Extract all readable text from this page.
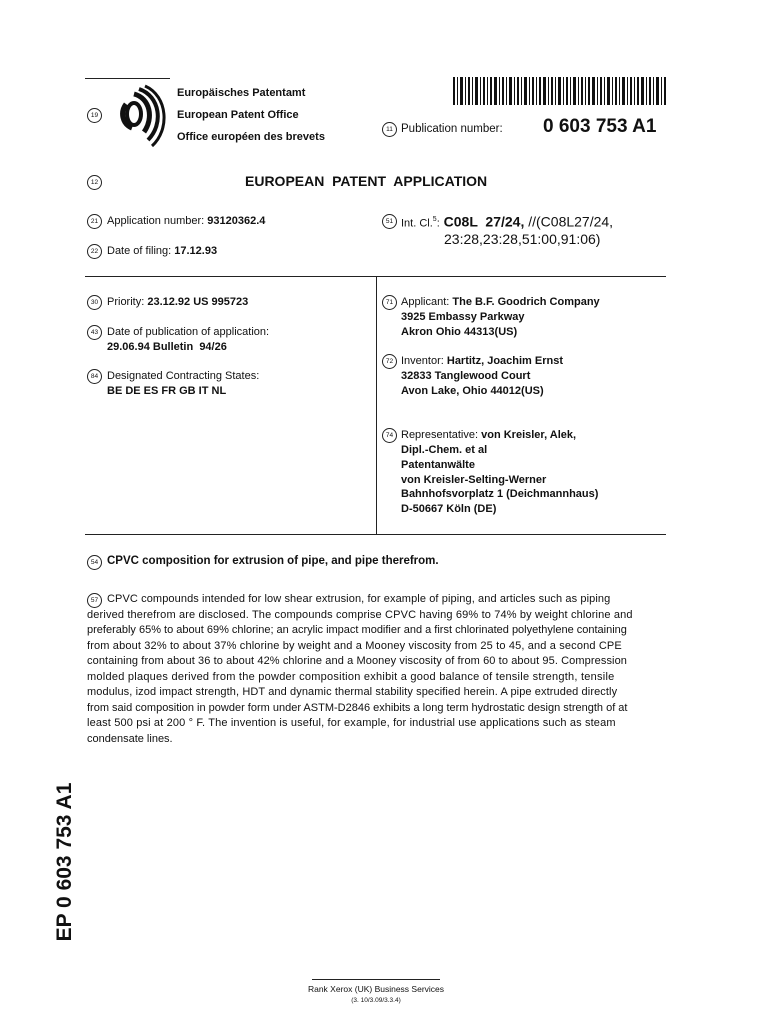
19
Europäisches Patentamt
European Patent Office
Office européen des brevets
11 Publication number: 0 603 753 A1
12	EUROPEAN  PATENT  APPLICATION
21 Application number: 93120362.4
22 Date of filing: 17.12.93
51 Int. Cl.$^5$: C08L  27/24, //(C08L27/24,
23:28,23:28,51:00,91:06)
30 Priority: 23.12.92 US 995723
43 Date of publication of application:
29.06.94 Bulletin  94/26
84 Designated Contracting States:
BE DE ES FR GB IT NL
71 Applicant: The B.F. Goodrich Company
3925 Embassy Parkway
Akron Ohio 44313(US)
72 Inventor: Hartitz, Joachim Ernst
32833 Tanglewood Court
Avon Lake, Ohio 44012(US)
74 Representative: von Kreisler, Alek,
Dipl.-Chem. et al
Patentanwälte
von Kreisler-Selting-Werner
Bahnhofsvorplatz 1 (Deichmannhaus)
D-50667 Köln (DE)
54 CPVC composition for extrusion of pipe, and pipe therefrom.
57 CPVC compounds intended for low shear extrusion, for example of piping, and articles such as piping
derived therefrom are disclosed. The compounds comprise CPVC having 69% to 74% by weight chlorine and
preferably 65% to about 69% chlorine; an acrylic impact modifier and a first chlorinated polyethylene containing
from about 32% to about 37% chlorine by weight and a Mooney viscosity from 25 to 45, and a second CPE
containing from about 36 to about 42% chlorine and a Mooney viscosity of from 60 to about 95. Compression
molded plaques derived from the powder composition exhibit a good balance of tensile strength, tensile
modulus, izod impact strength, HDT and dynamic thermal stability specified herein. A pipe extruded directly
from said composition in powder form under ASTM-D2846 exhibits a long term hydrostatic design strength of at
least 500 psi at 200 ° F. The invention is useful, for example, for industrial use applications such as steam
condensate lines.
EP 0 603 753 A1
Rank Xerox (UK) Business Services
(3. 10/3.09/3.3.4)
